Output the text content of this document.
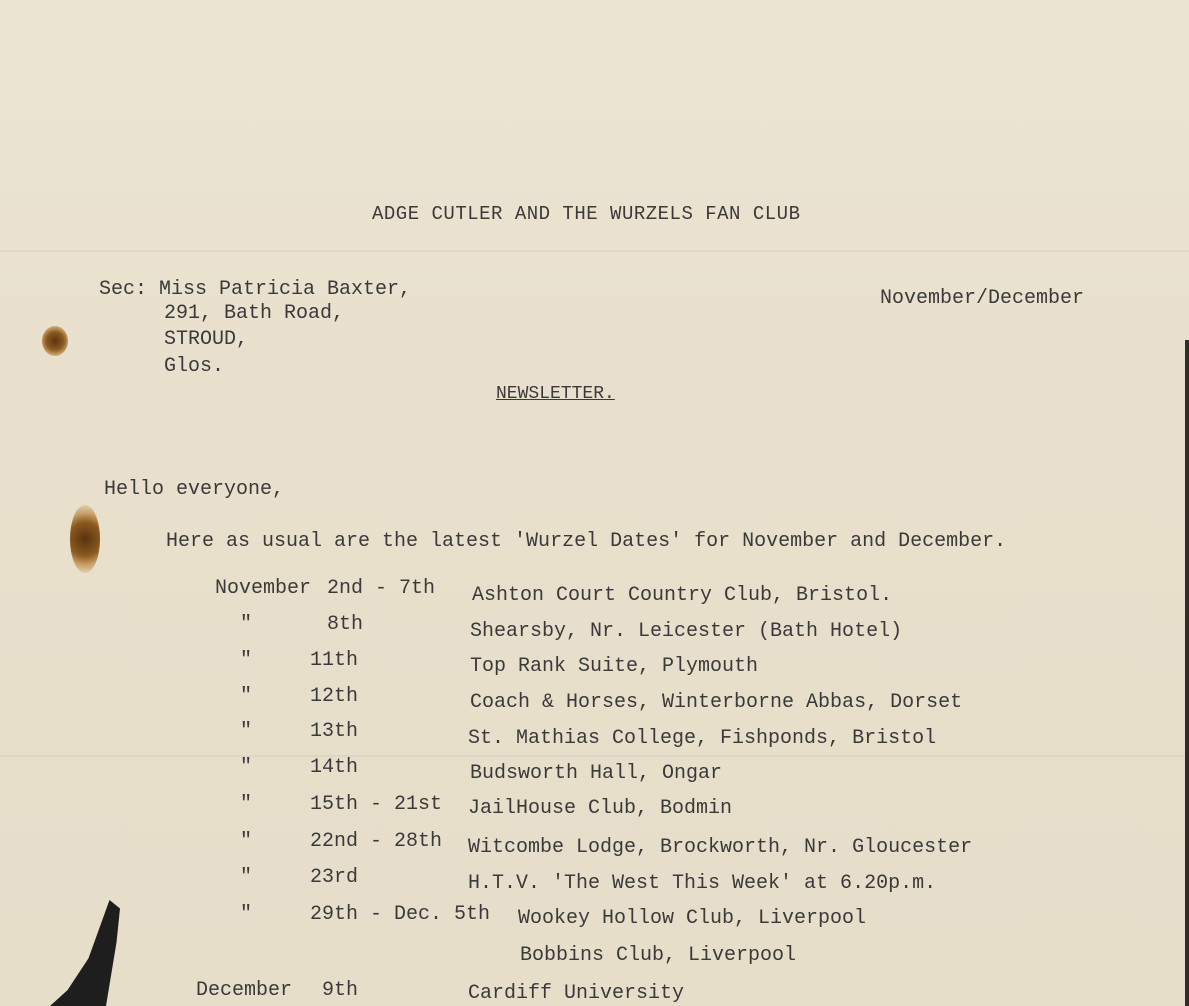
ADGE CUTLER AND THE WURZELS FAN CLUB
Sec: Miss Patricia Baxter,
291, Bath Road,
STROUD,
Glos.
November/December
NEWSLETTER.
Hello everyone,
Here as usual are the latest 'Wurzel Dates' for November and December.
November 2nd - 7th Ashton Court Country Club, Bristol.
"	8th	Shearsby, Nr. Leicester (Bath Hotel)
"	11th	Top Rank Suite, Plymouth
"	12th	Coach & Horses, Winterborne Abbas, Dorset
"	13th	St. Mathias College, Fishponds, Bristol
"	14th	Budsworth Hall, Ongar
"	15th - 21st JailHouse Club, Bodmin
"	22nd - 28th Witcombe Lodge, Brockworth, Nr. Gloucester
"	23rd	H.T.V. 'The West This Week' at 6.20p.m.
"	29th - Dec. 5th Wookey Hollow Club, Liverpool
Bobbins Club, Liverpool
December 9th	Cardiff University
